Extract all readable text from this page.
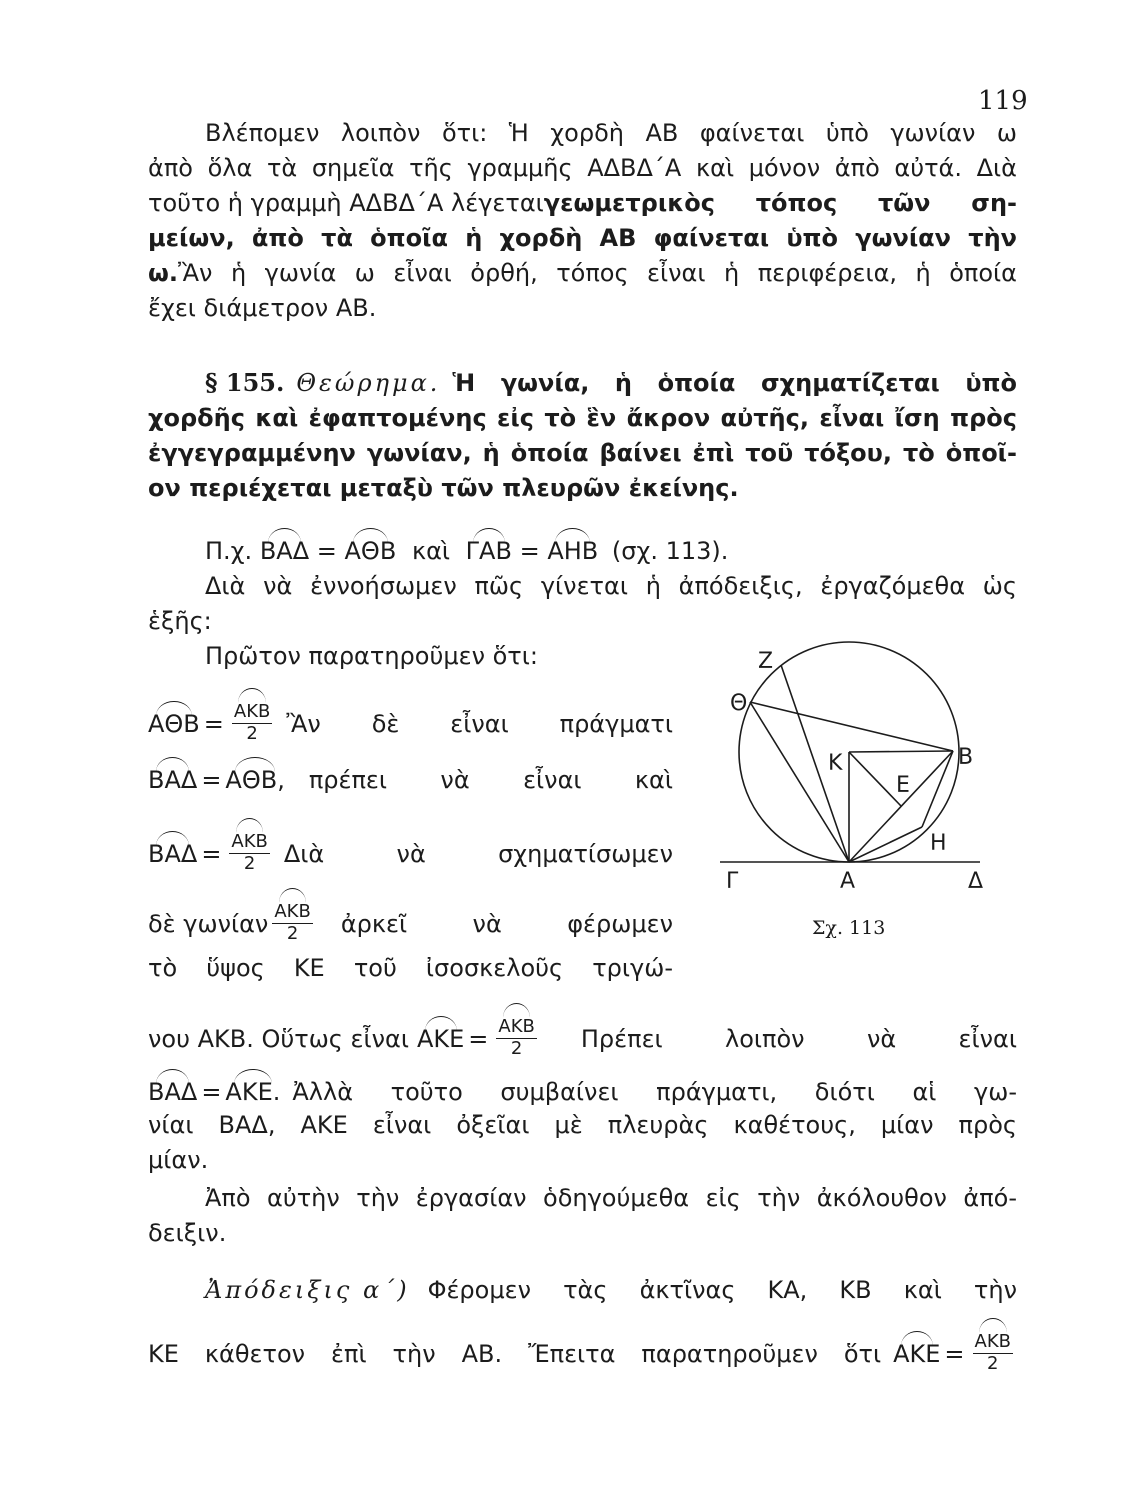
119
Βλέπομεν λοιπὸν ὅτι: Ἡ χορδὴ ΑΒ φαίνεται ὑπὸ γωνίαν ω
ἀπὸ ὅλα τὰ σημεῖα τῆς γραμμῆς ΑΔΒΔ΄Α καὶ μόνον ἀπὸ αὐτά. Διὰ
τοῦτο ἡ γραμμὴ ΑΔΒΔ΄Α λέγεται γεωμετρικὸς τόπος τῶν ση-
μείων, ἀπὸ τὰ ὁποῖα ἡ χορδὴ ΑΒ φαίνεται ὑπὸ γωνίαν τὴν
ω. Ἂν ἡ γωνία ω εἶναι ὀρθή, τόπος εἶναι ἡ περιφέρεια, ἡ ὁποία
ἔχει διάμετρον ΑΒ.
§ 155. Θεώρημα. Ἡ γωνία, ἡ ὁποία σχηματίζεται ὑπὸ
χορδῆς καὶ ἐφαπτομένης εἰς τὸ ἓν ἄκρον αὐτῆς, εἶναι ἴση πρὸς
ἐγγεγραμμένην γωνίαν, ἡ ὁποία βαίνει ἐπὶ τοῦ τόξου, τὸ ὁποῖ-
ον περιέχεται μεταξὺ τῶν πλευρῶν ἐκείνης.
Π.χ. ΒΑΔ = ΑΘΒ καὶ ΓΑΒ = ΑΗΒ (σχ. 113).
Διὰ νὰ ἐννοήσωμεν πῶς γίνεται ἡ ἀπόδειξις, ἐργαζόμεθα ὡς
ἑξῆς:
Πρῶτον παρατηροῦμεν ὅτι:
$A\Theta B = \frac{\text{ΑΚΒ}}{2}$ Ἂν δὲ εἶναι πράγματι
ΒΑΔ = ΑΘΒ, πρέπει νὰ εἶναι καὶ
$BA\Delta = \frac{\text{ΑΚΒ}}{2}$ Διὰ νὰ σχηματίσωμεν
δὲ γωνίαν $\frac{\text{ΑΚΒ}}{2}$ ἀρκεῖ νὰ φέρωμεν
τὸ ὕψος ΚΕ τοῦ ἰσοσκελοῦς τριγώ-
νου ΑΚΒ. Οὕτως εἶναι $AKE = \frac{\text{ΑΚΒ}}{2}$ Πρέπει λοιπὸν νὰ εἶναι
ΒΑΔ = ΑΚΕ. Ἀλλὰ τοῦτο συμβαίνει πράγματι, διότι αἱ γω-
νίαι ΒΑΔ, ΑΚΕ εἶναι ὀξεῖαι μὲ πλευρὰς καθέτους, μίαν πρὸς
μίαν.
Ἀπὸ αὐτὴν τὴν ἐργασίαν ὁδηγούμεθα εἰς τὴν ἀκόλουθον ἀπό-
δειξιν.
Ἀπόδειξις α΄) Φέρομεν τὰς ἀκτῖνας ΚΑ, ΚΒ καὶ τὴν
ΚΕ κάθετον ἐπὶ τὴν ΑΒ. Ἔπειτα παρατηροῦμεν ὅτι $AKE = \frac{\text{ΑΚΒ}}{2}$
Ζ
Θ
Β
Κ
Ε
Η
Γ	Α	Δ
Σχ. 113
